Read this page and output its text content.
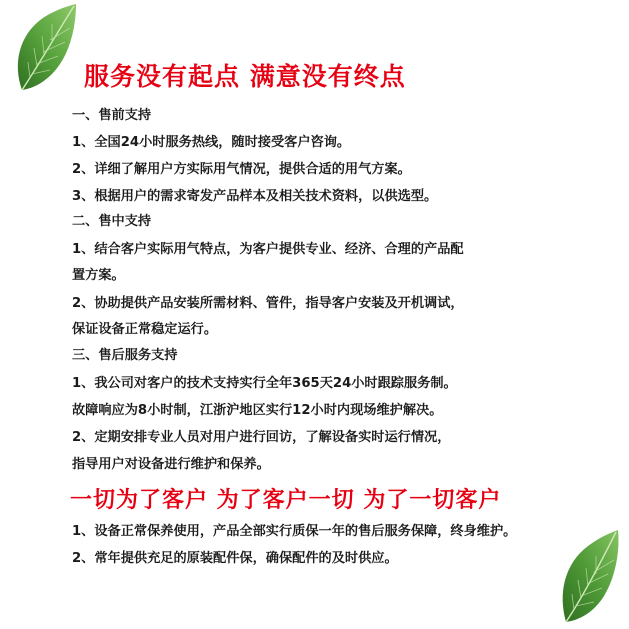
服务没有起点 满意没有终点
一、售前支持
1、全国24小时服务热线，随时接受客户咨询。
2、详细了解用户方实际用气情况，提供合适的用气方案。
3、根据用户的需求寄发产品样本及相关技术资料，以供选型。
二、售中支持
1、结合客户实际用气特点，为客户提供专业、经济、合理的产品配
置方案。
2、协助提供产品安装所需材料、管件，指导客户安装及开机调试，
保证设备正常稳定运行。
三、售后服务支持
1、我公司对客户的技术支持实行全年365天24小时跟踪服务制。
故障响应为8小时制，江浙沪地区实行12小时内现场维护解决。
2、定期安排专业人员对用户进行回访，了解设备实时运行情况，
指导用户对设备进行维护和保养。
一切为了客户 为了客户一切 为了一切客户
1、设备正常保养使用，产品全部实行质保一年的售后服务保障，终身维护。
2、常年提供充足的原装配件保，确保配件的及时供应。
